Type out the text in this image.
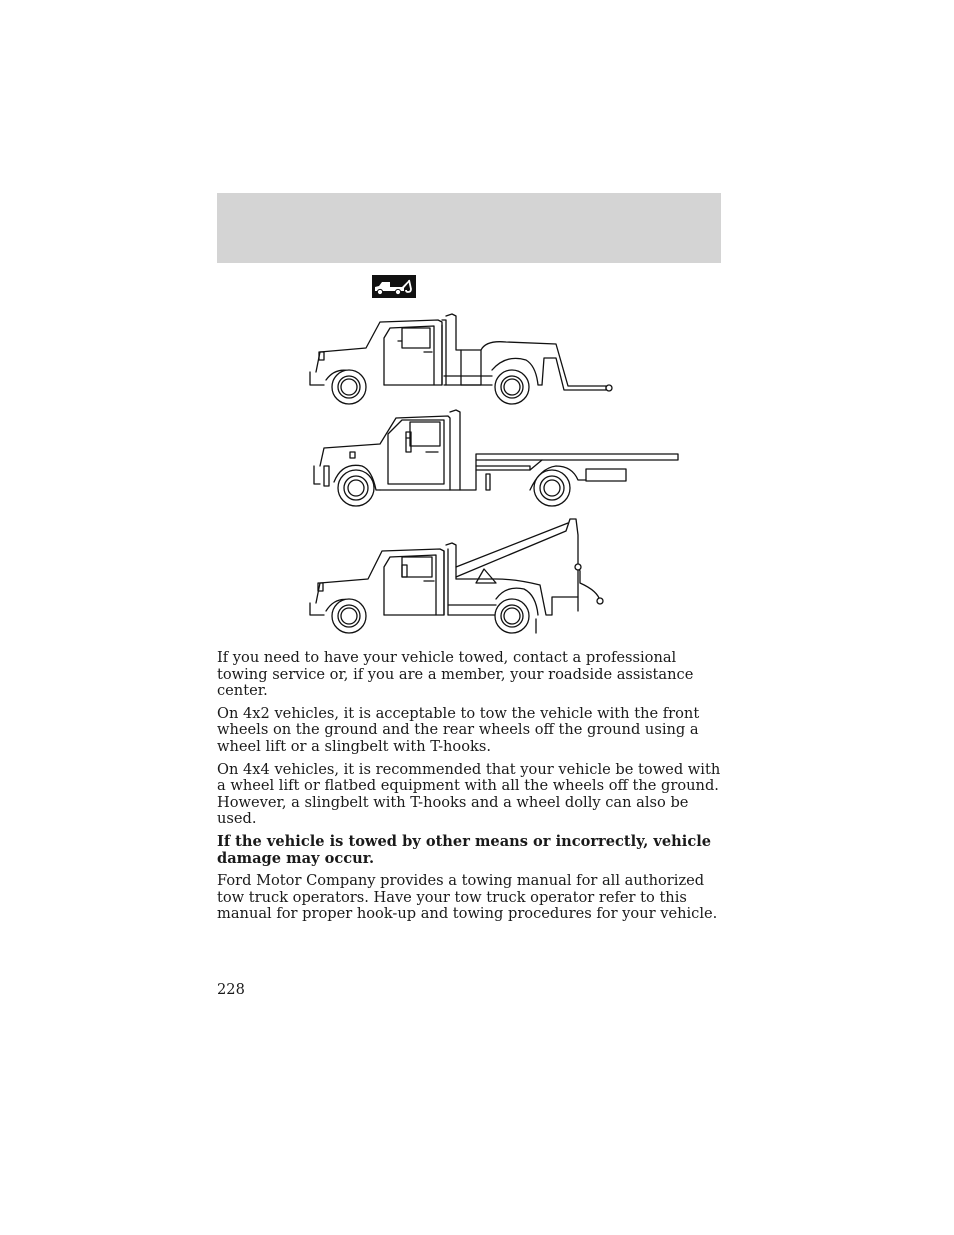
If you need to have your vehicle towed, contact a professional towing service or, if you are a member, your roadside assistance center.

On 4x2 vehicles, it is acceptable to tow the vehicle with the front wheels on the ground and the rear wheels off the ground using a wheel lift or a slingbelt with T-hooks.

On 4x4 vehicles, it is recommended that your vehicle be towed with a wheel lift or flatbed equipment with all the wheels off the ground. However, a slingbelt with T-hooks and a wheel dolly can also be used.

If the vehicle is towed by other means or incorrectly, vehicle damage may occur.

Ford Motor Company provides a towing manual for all authorized tow truck operators. Have your tow truck operator refer to this manual for proper hook-up and towing procedures for your vehicle.

228
